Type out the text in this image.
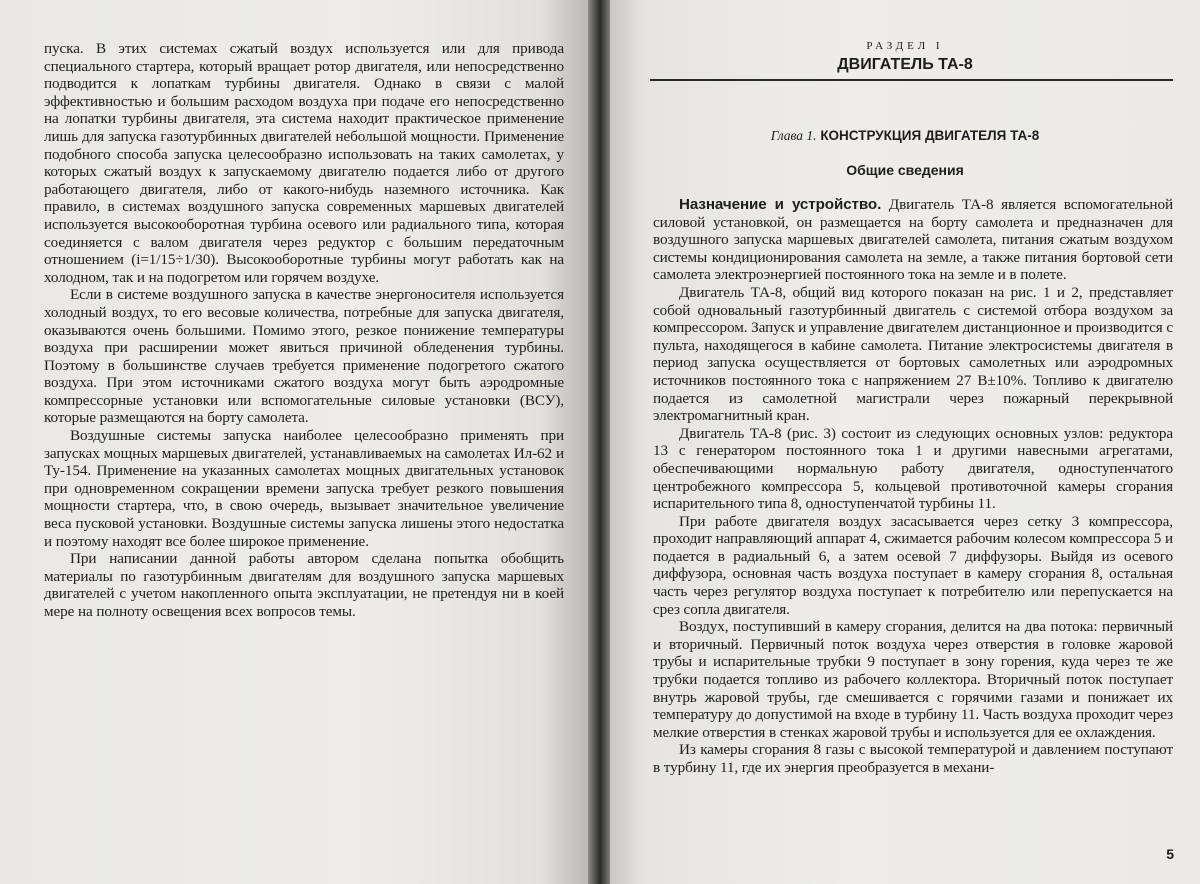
пуска. В этих системах сжатый воздух используется или для привода специального стартера, который вращает ротор двигателя, или непосредственно подводится к лопаткам турбины двигателя. Однако в связи с малой эффективностью и большим расходом воздуха при подаче его непосредственно на лопатки турбины двигателя, эта система находит практическое применение лишь для запуска газотурбинных двигателей небольшой мощности. Применение подобного способа запуска целесообразно использовать на таких самолетах, у которых сжатый воздух к запускаемому двигателю подается либо от другого работающего двигателя, либо от какого-нибудь наземного источника. Как правило, в системах воздушного запуска современных маршевых двигателей используется высокооборотная турбина осевого или радиального типа, которая соединяется с валом двигателя через редуктор с большим передаточным отношением (i=1/15÷1/30). Высокооборотные турбины могут работать как на холодном, так и на подогретом или горячем воздухе.

Если в системе воздушного запуска в качестве энергоносителя используется холодный воздух, то его весовые количества, потребные для запуска двигателя, оказываются очень большими. Помимо этого, резкое понижение температуры воздуха при расширении может явиться причиной обледенения турбины. Поэтому в большинстве случаев требуется применение подогретого сжатого воздуха. При этом источниками сжатого воздуха могут быть аэродромные компрессорные установки или вспомогательные силовые установки (ВСУ), которые размещаются на борту самолета.

Воздушные системы запуска наиболее целесообразно применять при запусках мощных маршевых двигателей, устанавливаемых на самолетах Ил-62 и Ту-154. Применение на указанных самолетах мощных двигательных установок при одновременном сокращении времени запуска требует резкого повышения мощности стартера, что, в свою очередь, вызывает значительное увеличение веса пусковой установки. Воздушные системы запуска лишены этого недостатка и поэтому находят все более широкое применение.

При написании данной работы автором сделана попытка обобщить материалы по газотурбинным двигателям для воздушного запуска маршевых двигателей с учетом накопленного опыта эксплуатации, не претендуя ни в коей мере на полноту освещения всех вопросов темы.

РАЗДЕЛ I
ДВИГАТЕЛЬ ТА-8
Глава 1. КОНСТРУКЦИЯ ДВИГАТЕЛЯ ТА-8
Общие сведения

Назначение и устройство. Двигатель ТА-8 является вспомогательной силовой установкой, он размещается на борту самолета и предназначен для воздушного запуска маршевых двигателей самолета, питания сжатым воздухом системы кондиционирования самолета на земле, а также питания бортовой сети самолета электроэнергией постоянного тока на земле и в полете.

Двигатель ТА-8, общий вид которого показан на рис. 1 и 2, представляет собой одновальный газотурбинный двигатель с системой отбора воздухом за компрессором. Запуск и управление двигателем дистанционное и производится с пульта, находящегося в кабине самолета. Питание электросистемы двигателя в период запуска осуществляется от бортовых самолетных или аэродромных источников постоянного тока с напряжением 27 В±10%. Топливо к двигателю подается из самолетной магистрали через пожарный перекрывной электромагнитный кран.

Двигатель ТА-8 (рис. 3) состоит из следующих основных узлов: редуктора 13 с генератором постоянного тока 1 и другими навесными агрегатами, обеспечивающими нормальную работу двигателя, одноступенчатого центробежного компрессора 5, кольцевой противоточной камеры сгорания испарительного типа 8, одноступенчатой турбины 11.

При работе двигателя воздух засасывается через сетку 3 компрессора, проходит направляющий аппарат 4, сжимается рабочим колесом компрессора 5 и подается в радиальный 6, а затем осевой 7 диффузоры. Выйдя из осевого диффузора, основная часть воздуха поступает в камеру сгорания 8, остальная часть через регулятор воздуха поступает к потребителю или перепускается на срез сопла двигателя.

Воздух, поступивший в камеру сгорания, делится на два потока: первичный и вторичный. Первичный поток воздуха через отверстия в головке жаровой трубы и испарительные трубки 9 поступает в зону горения, куда через те же трубки подается топливо из рабочего коллектора. Вторичный поток поступает внутрь жаровой трубы, где смешивается с горячими газами и понижает их температуру до допустимой на входе в турбину 11. Часть воздуха проходит через мелкие отверстия в стенках жаровой трубы и используется для ее охлаждения.

Из камеры сгорания 8 газы с высокой температурой и давлением поступают в турбину 11, где их энергия преобразуется в механи-

5
